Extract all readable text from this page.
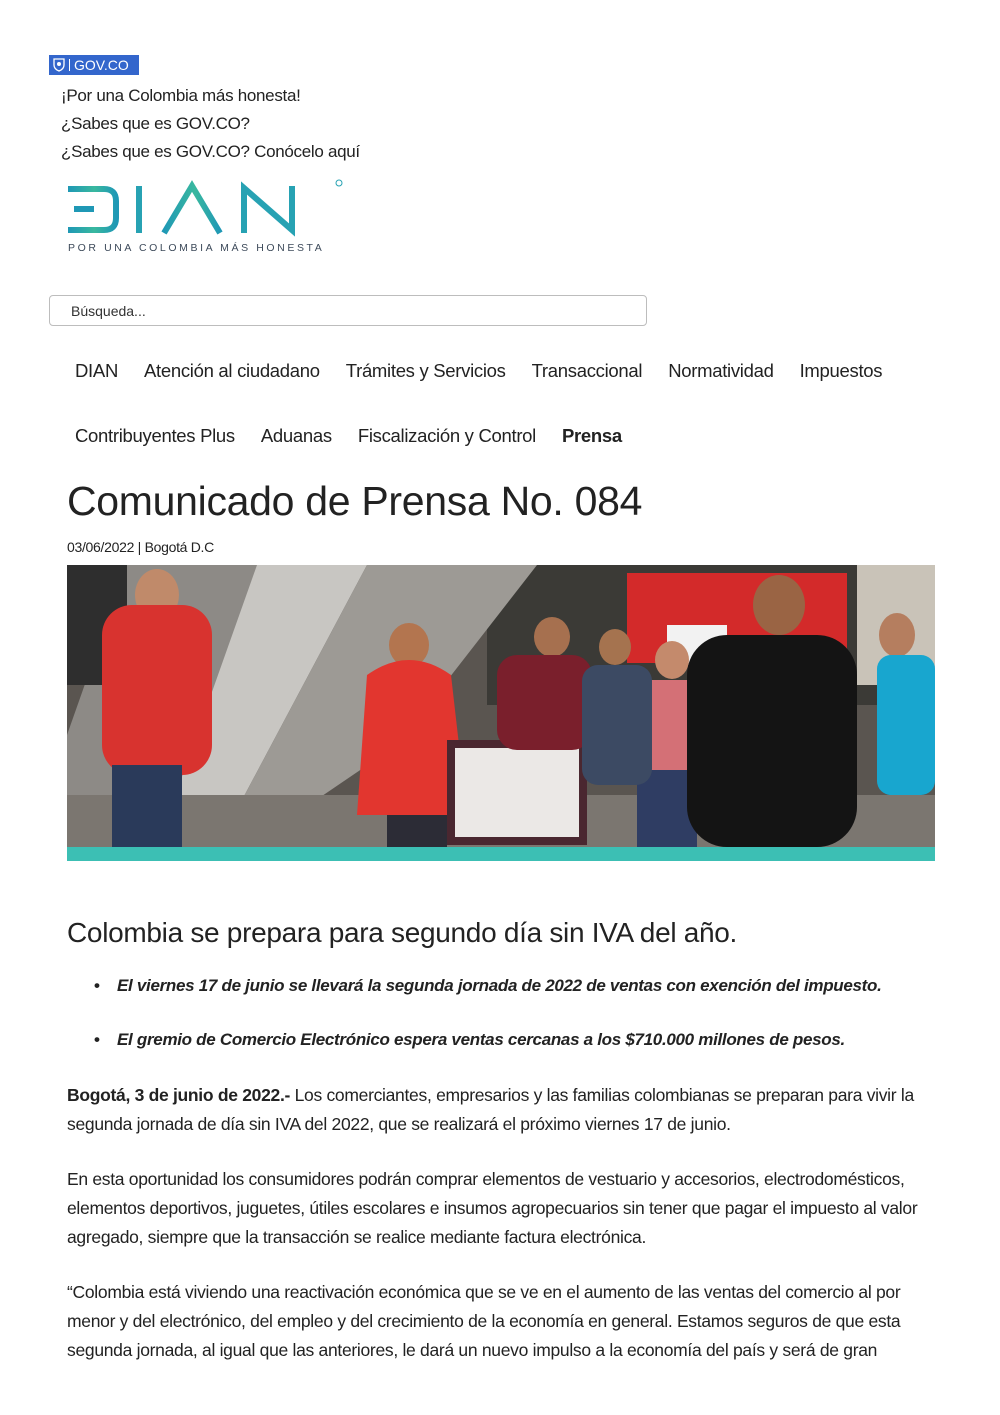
GOV.CO
¡Por una Colombia más honesta!
¿Sabes que es GOV.CO?
¿Sabes que es GOV.CO? Conócelo aquí
POR UNA COLOMBIA MÁS HONESTA
Búsqueda...
DIAN Atención al ciudadano Trámites y Servicios Transaccional Normatividad Impuestos
Contribuyentes Plus Aduanas Fiscalización y Control Prensa
Comunicado de Prensa No. 084
03/06/2022 | Bogotá D.C
Colombia se prepara para segundo día sin IVA del año.
• El viernes 17 de junio se llevará la segunda jornada de 2022 de ventas con exención del impuesto.
• El gremio de Comercio Electrónico espera ventas cercanas a los $710.000 millones de pesos.

Bogotá, 3 de junio de 2022.- Los comerciantes, empresarios y las familias colombianas se preparan para vivir la segunda jornada de día sin IVA del 2022, que se realizará el próximo viernes 17 de junio.

En esta oportunidad los consumidores podrán comprar elementos de vestuario y accesorios, electrodomésticos, elementos deportivos, juguetes, útiles escolares e insumos agropecuarios sin tener que pagar el impuesto al valor agregado, siempre que la transacción se realice mediante factura electrónica.

“Colombia está viviendo una reactivación económica que se ve en el aumento de las ventas del comercio al por menor y del electrónico, del empleo y del crecimiento de la economía en general. Estamos seguros de que esta segunda jornada, al igual que las anteriores, le dará un nuevo impulso a la economía del país y será de gran
